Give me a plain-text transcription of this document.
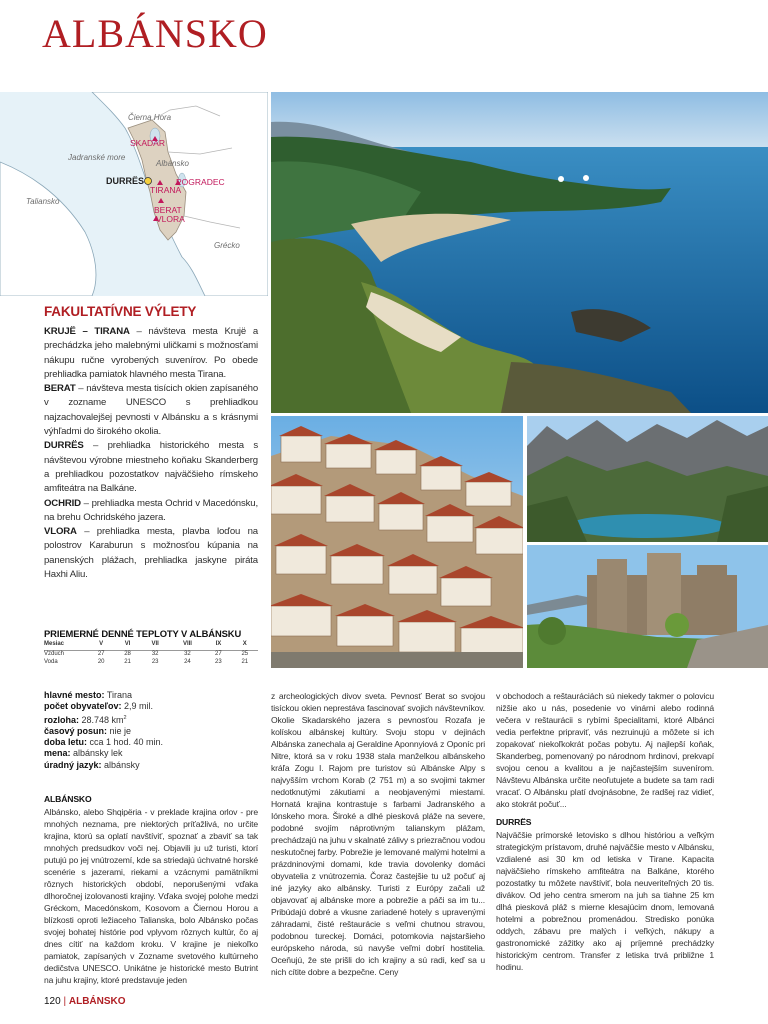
ALBÁNSKO
Čierna Hora
Jadranské more
Albánsko
Taliansko
Grécko
DURRËS
SKADAR
TIRANA
POGRADEC
BERAT
VLORA
FAKULTATÍVNE VÝLETY

KRUJË – TIRANA – návšteva mesta Krujë a prechádzka jeho malebnými uličkami s možnosťami nákupu ručne vyrobených suvenírov. Po obede prehliadka pamiatok hlavného mesta Tirana.

BERAT – návšteva mesta tisícich okien zapísaného v zozname UNESCO s prehliadkou najzachovalejšej pevnosti v Albánsku a s krásnymi výhľadmi do širokého okolia.

DURRËS – prehliadka historického mesta s návštevou výrobne miestneho koňaku Skanderberg a prehliadkou pozostatkov najväčšieho rímskeho amfiteátra na Balkáne.

OCHRID – prehliadka mesta Ochrid v Macedónsku, na brehu Ochridského jazera.

VLORA – prehliadka mesta, plavba loďou na polostrov Karaburun s možnosťou kúpania na panenských plážach, prehliadka jaskyne piráta Haxhi Aliu.

PRIEMERNÉ DENNÉ TEPLOTY V ALBÁNSKU
Mesiac	V	VI	VII	VIII	IX	X
Vzduch	27	28	32	32	27	25
Voda	20	21	23	24	23	21
hlavné mesto: Tirana
počet obyvateľov: 2,9 mil.
rozloha: 28.748 $km^2$
časový posun: nie je
doba letu: cca 1 hod. 40 min.
mena: albánsky lek
úradný jazyk: albánsky
ALBÁNSKO
Albánsko, alebo Shqipëria - v preklade krajina orlov - pre mnohých neznama, pre niektorých príťažlivá, no určite krajina, ktorú sa oplatí navštíviť, spoznať a zbaviť sa tak mnohých predsudkov voči nej. Objavili ju už turisti, ktorí putujú po jej vnútrozemí, kde sa striedajú úchvatné horské scenérie s jazerami, riekami a vzácnymi pamätníkmi rôznych historických období, neporušenými vďaka dlhoročnej izolovanosti krajiny. Vďaka svojej polohe medzi Gréckom, Macedónskom, Kosovom a Čiernou Horou a blízkosti oproti ležiaceho Talianska, bolo Albánsko počas svojej bohatej histórie pod vplyvom rôznych kultúr, čo aj dnes cítiť na každom kroku. V krajine je niekoľko pamiatok, zapísaných v Zozname svetového kultúrneho dedičstva UNESCO. Unikátne je historické mesto Butrint na juhu krajiny, ktoré predstavuje jeden
z archeologických divov sveta. Pevnosť Berat so svojou tisíckou okien neprestáva fascinovať svojich návštevníkov. Okolie Skadarského jazera s pevnosťou Rozafa je kolískou albánskej kultúry. Svoju stopu v dejinách Albánska zanechala aj Geraldine Aponnyiová z Oponíc pri Nitre, ktorá sa v roku 1938 stala manželkou albánskeho kráľa Zogu I. Rajom pre turistov sú Albánske Alpy s najvyšším vrchom Korab (2 751 m) a so svojimi takmer nedotknutými zákutiami a neobjavenými miestami. Hornatá krajina kontrastuje s farbami Jadranského a Iónskeho mora. Široké a dlhé piesková pláže na severe, podobné svojím náprotivným talianskym plážam, prechádzajú na juhu v skalnaté zálivy s priezračnou vodou neskutočnej farby. Pobrežie je lemované malými hotelmi a prázdninovými domami, kde travia dovolenky domáci obyvatelia z vnútrozemia. Čoraz častejšie tu už počuť aj iné jazyky ako albánsky. Turisti z Európy začali už objavovať aj albánske more a pobrežie a páči sa im tu... Pribúdajú dobré a vkusne zariadené hotely s upravenými záhradami, čisté reštaurácie s veľmi chutnou stravou, podobnou tureckej. Domáci, potomkovia najstaršieho európskeho národa, sú navyše veľmi dobrí hostitelia. Oceňujú, že ste prišli do ich krajiny a sú radi, keď sa u nich cítite dobre a bezpečne. Ceny
v obchodoch a reštauráciách sú niekedy takmer o polovicu nižšie ako u nás, posedenie vo vinárni alebo rodinná večera v reštaurácii s rybími špecialitami, ktoré Albánci vedia perfektne pripraviť, vás nezruinujú a môžete si ich zopakovať niekoľkokrát počas pobytu. Aj najlepší koňak, Skanderbeg, pomenovaný po národnom hrdinovi, prekvapí svojou cenou a kvalitou a je najčastejším suvenírom. Návštevu Albánska určite neoľutujete a budete sa tam radi vracať. O Albánsku platí dvojnásobne, že radšej raz vidieť, ako stokrát počuť...
DURRËS
Najväčšie prímorské letovisko s dlhou históriou a veľkým strategickým prístavom, druhé najväčšie mesto v Albánsku, vzdialené asi 30 km od letiska v Tirane. Kapacita najväčšieho rímskeho amfiteátra na Balkáne, ktorého pozostatky tu môžete navštíviť, bola neuveriteľných 20 tis. divákov. Od jeho centra smerom na juh sa tiahne 25 km dlhá piesková pláž s mierne klesajúcim dnom, lemovaná hotelmi a pobrežnou promenádou. Stredisko ponúka oddych, zábavu pre malých i veľkých, nákupy a gastronomické zážitky ako aj príjemné prechádzky historickým centrom. Transfer z letiska trvá približne 1 hodinu.
120 | ALBÁNSKO
